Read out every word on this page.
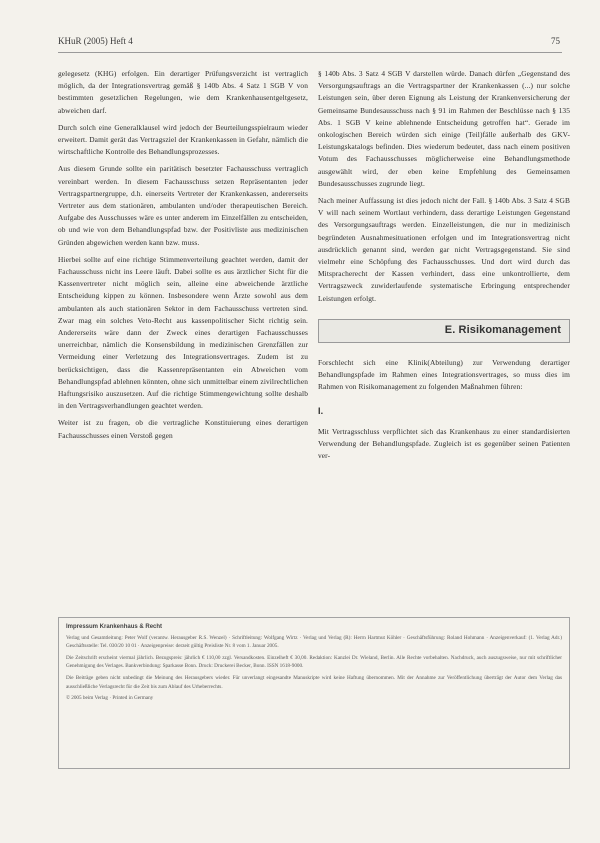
KHuR (2005) Heft 4	75

gelegesetz (KHG) erfolgen. Ein derartiger Prüfungsverzicht ist vertraglich möglich, da der Integrationsvertrag gemäß § 140b Abs. 4 Satz 1 SGB V von bestimmten gesetzlichen Regelungen, wie dem Krankenhausentgeltgesetz, abweichen darf.

Durch solch eine Generalklausel wird jedoch der Beurteilungsspielraum wieder erweitert. Damit gerät das Vertragsziel der Krankenkassen in Gefahr, nämlich die wirtschaftliche Kontrolle des Behandlungsprozesses.

Aus diesem Grunde sollte ein paritätisch besetzter Fachausschuss vertraglich vereinbart werden. In diesem Fachausschuss setzen Repräsentanten jeder Vertragspartnergruppe, d.h. einerseits Vertreter der Krankenkassen, andererseits Vertreter aus dem stationären, ambulanten und/oder therapeutischen Bereich. Aufgabe des Ausschusses wäre es unter anderem im Einzelfällen zu entscheiden, ob und wie von dem Behandlungspfad bzw. der Positivliste aus medizinischen Gründen abgewichen werden kann bzw. muss.

Hierbei sollte auf eine richtige Stimmenverteilung geachtet werden, damit der Fachausschuss nicht ins Leere läuft. Dabei sollte es aus ärztlicher Sicht für die Kassenvertreter nicht möglich sein, alleine eine abweichende ärztliche Entscheidung kippen zu können. Insbesondere wenn Ärzte sowohl aus dem ambulanten als auch stationären Sektor in dem Fachausschuss vertreten sind. Zwar mag ein solches Veto-Recht aus kassenpolitischer Sicht richtig sein. Andererseits wäre dann der Zweck eines derartigen Fachausschusses unerreichbar, nämlich die Konsensbildung in medizinischen Grenzfällen zur Vermeidung einer Verletzung des Integrationsvertrages. Zudem ist zu berücksichtigen, dass die Kassenrepräsentanten ein Abweichen vom Behandlungspfad ablehnen könnten, ohne sich unmittelbar einem zivilrechtlichen Haftungsrisiko auszusetzen. Auf die richtige Stimmengewichtung sollte deshalb in den Vertragsverhandlungen geachtet werden.

Weiter ist zu fragen, ob die vertragliche Konstituierung eines derartigen Fachausschusses einen Verstoß gegen

§ 140b Abs. 3 Satz 4 SGB V darstellen würde. Danach dürfen „Gegenstand des Versorgungsauftrags an die Vertragspartner der Krankenkassen (...) nur solche Leistungen sein, über deren Eignung als Leistung der Krankenversicherung der Gemeinsame Bundesausschuss nach § 91 im Rahmen der Beschlüsse nach § 135 Abs. 1 SGB V keine ablehnende Entscheidung getroffen hat“. Gerade im onkologischen Bereich würden sich einige (Teil)fälle außerhalb des GKV-Leistungskatalogs befinden. Dies wiederum bedeutet, dass nach einem positiven Votum des Fachausschusses möglicherweise eine Behandlungsmethode ausgewählt wird, der eben keine Empfehlung des Gemeinsamen Bundesausschusses zugrunde liegt.

Nach meiner Auffassung ist dies jedoch nicht der Fall. § 140b Abs. 3 Satz 4 SGB V will nach seinem Wortlaut verhindern, dass derartige Leistungen Gegenstand des Versorgungsauftrags werden. Einzelleistungen, die nur in medizinisch begründeten Ausnahmesituationen erfolgen und im Integrationsvertrag nicht ausdrücklich genannt sind, werden gar nicht Vertragsgegenstand. Sie sind vielmehr eine Schöpfung des Fachausschusses. Und dort wird durch das Mitspracherecht der Kassen verhindert, dass eine unkontrollierte, dem Vertragszweck zuwiderlaufende systematische Erbringung entsprechender Leistungen erfolgt.

E. Risikomanagement

Forschlecht sich eine Klinik(Abteilung) zur Verwendung derartiger Behandlungspfade im Rahmen eines Integrationsvertrages, so muss dies im Rahmen von Risikomanagement zu folgenden Maßnahmen führen:

I.

Mit Vertragsschluss verpflichtet sich das Krankenhaus zu einer standardisierten Verwendung der Behandlungspfade. Zugleich ist es gegenüber seinen Patienten ver-

Impressum Krankenhaus & Recht

Verlag und Gesamtleitung: Peter Wolf (verantw. Herausgeber R.S. Wenzel) · Schriftleitung: Wolfgang Wirtz · Verlag und Verlag (R): Herrn Hartmut Köhler · Geschäftsführung: Roland Hohmann · Anzeigenverkauf: (1. Verlag Adr.) Geschäftsstelle: Tel. 030/20 10 01 · Anzeigenpreise: derzeit gültig Preisliste Nr. 8 vom 1. Januar 2005.

Die Zeitschrift erscheint viermal jährlich. Bezugspreis: jährlich € 110,00 zzgl. Versandkosten. Einzelheft € 30,00. Redaktion: Kanzlei Dr. Wieland, Berlin. Alle Rechte vorbehalten. Nachdruck, auch auszugsweise, nur mit schriftlicher Genehmigung des Verlages. Bankverbindung: Sparkasse Bonn. Druck: Druckerei Becker, Bonn. ISSN 1618-9000.

Die Beiträge geben nicht unbedingt die Meinung des Herausgebers wieder. Für unverlangt eingesandte Manuskripte wird keine Haftung übernommen. Mit der Annahme zur Veröffentlichung überträgt der Autor dem Verlag das ausschließliche Verlagsrecht für die Zeit bis zum Ablauf des Urheberrechts.

© 2005 beim Verlag · Printed in Germany
